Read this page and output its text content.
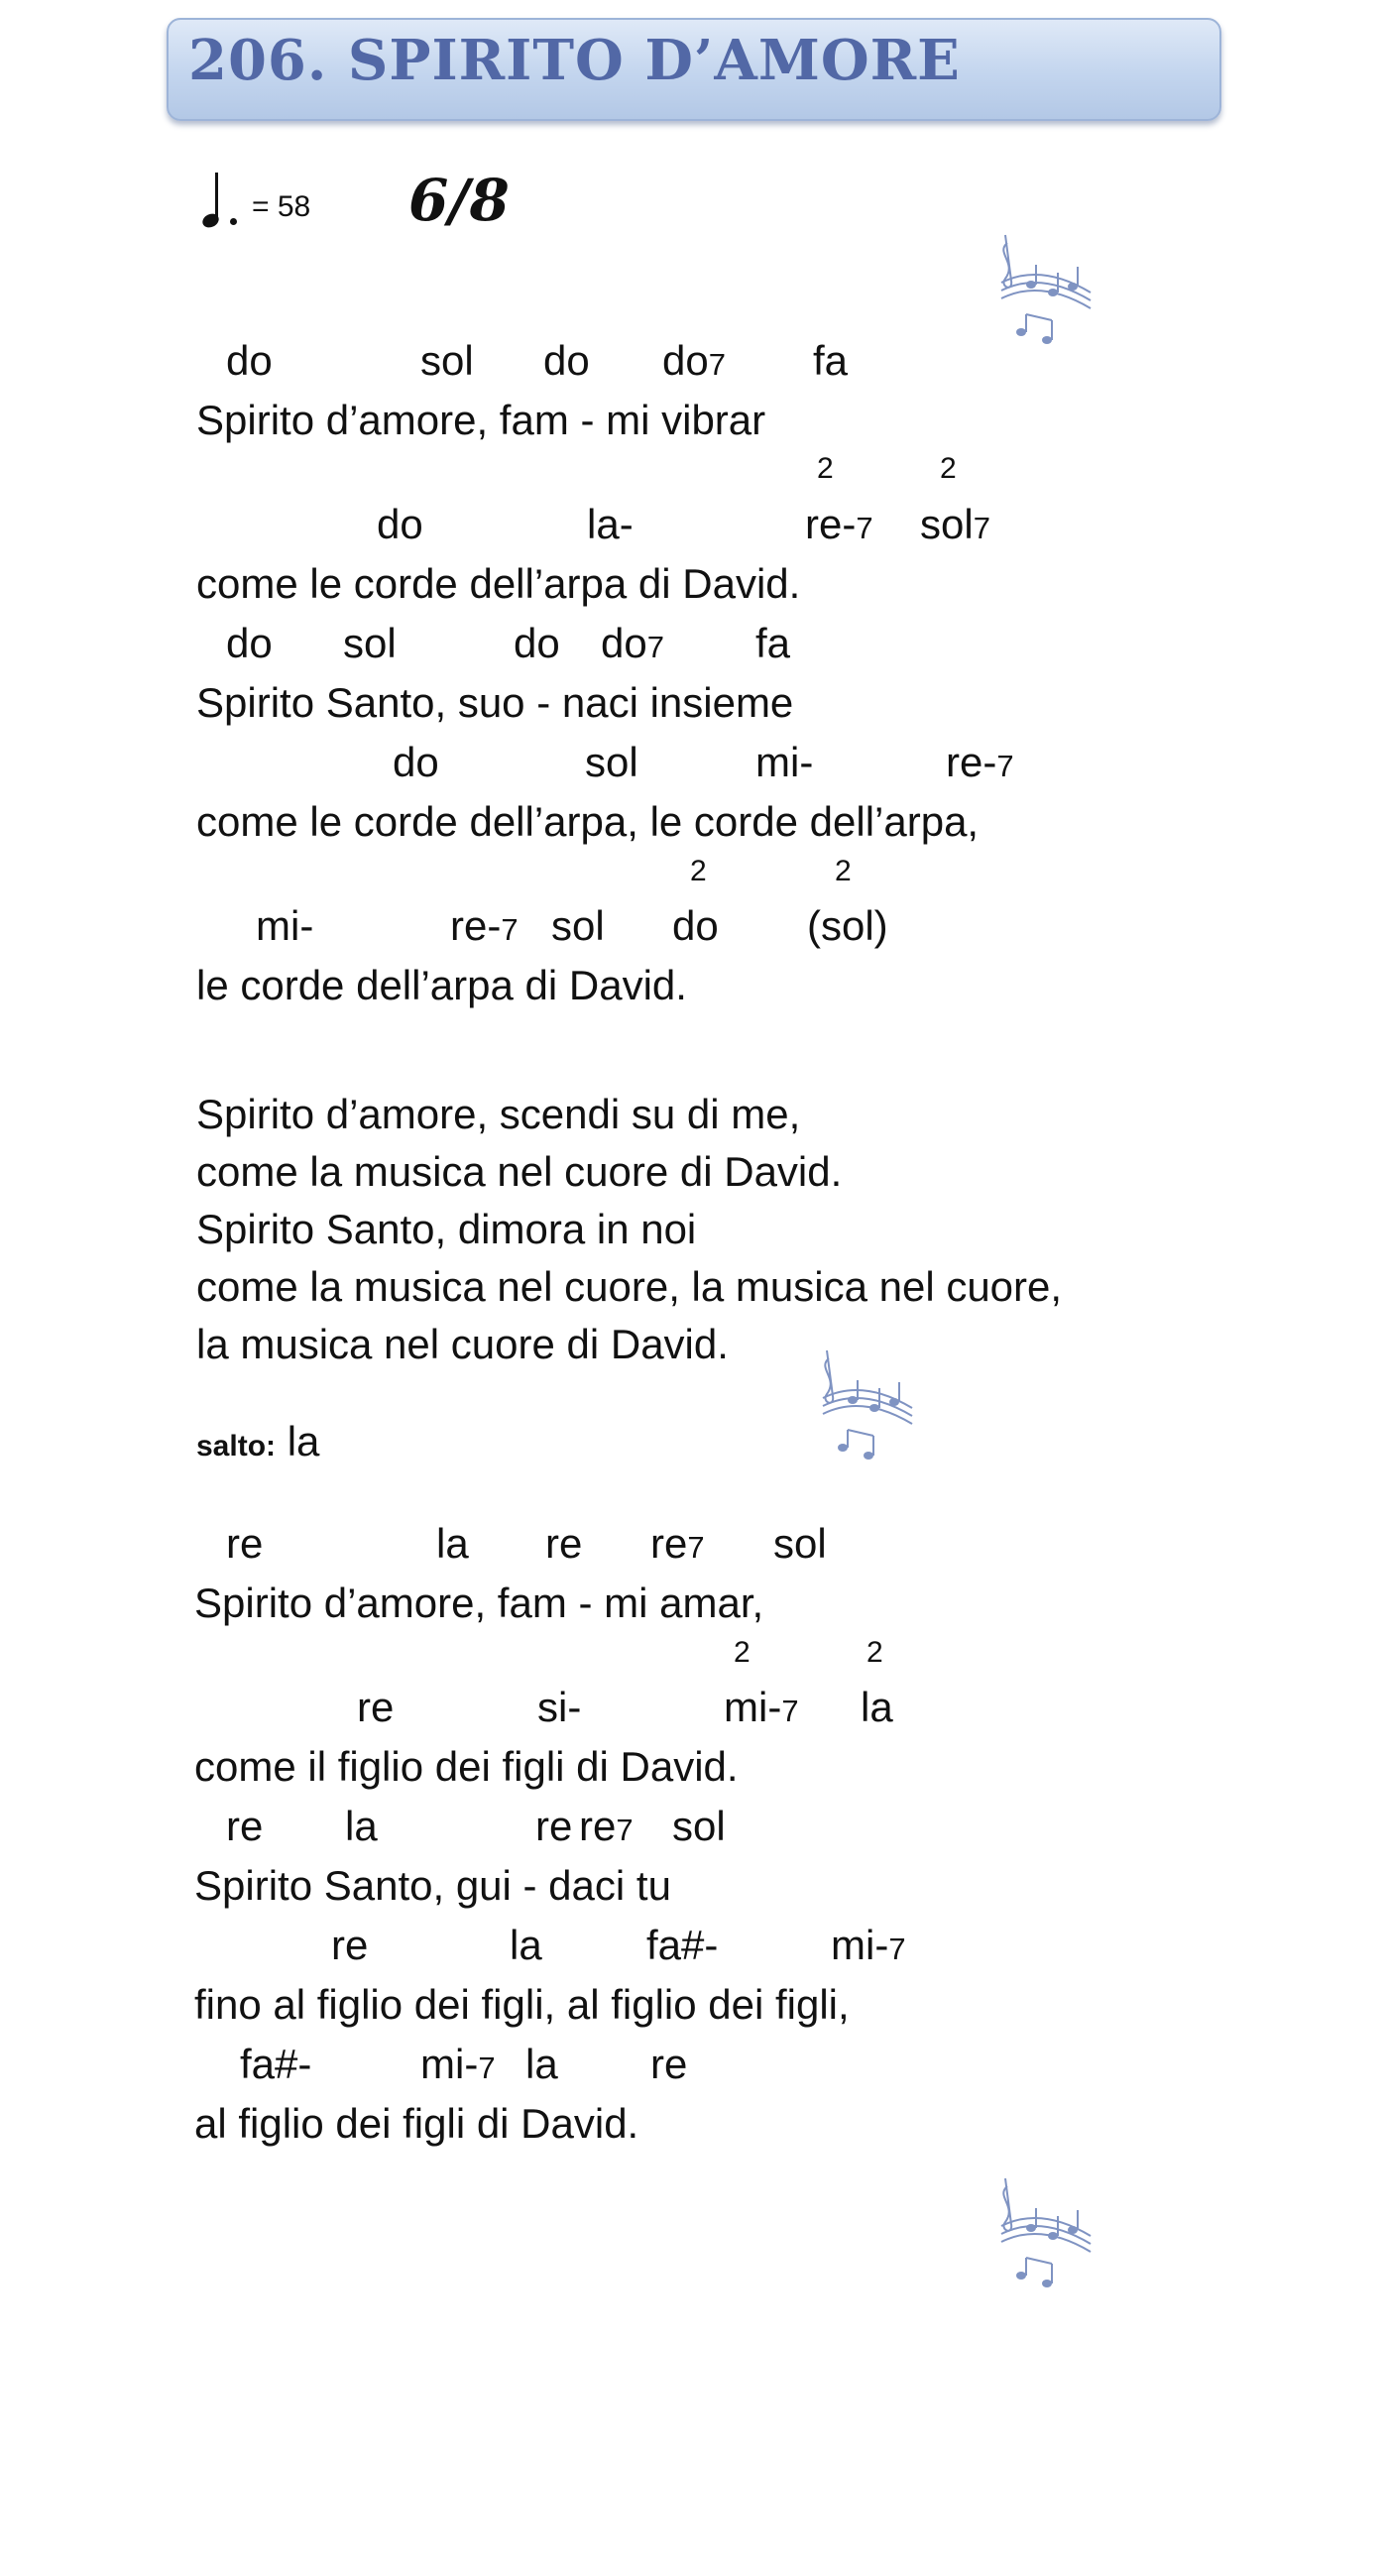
206. SPIRITO D’AMORE
= 58 6/8
do	sol do do7 fa
Spirito d’amore, fam - mi vibrar
2	2
do	la-	re-7 sol7
come le corde dell’arpa di David.
do sol	do do7 fa
Spirito Santo, suo - naci insieme
do	sol	mi-	re-7
come le corde dell’arpa, le corde dell’arpa,
2	2
mi-	re-7 sol do (sol)
le corde dell’arpa di David.
Spirito d’amore, scendi su di me,
come la musica nel cuore di David.
Spirito Santo, dimora in noi
come la musica nel cuore, la musica nel cuore,
la musica nel cuore di David.
salto: la
re	la re re7 sol
Spirito d’amore, fam - mi amar,
2	2
re	si-	mi-7 la
come il figlio dei figli di David.
re la	re re7 sol
Spirito Santo, gui - daci tu
re	la	fa#-	mi-7
fino al figlio dei figli, al figlio dei figli,
fa#-	mi-7 la re
al figlio dei figli di David.
